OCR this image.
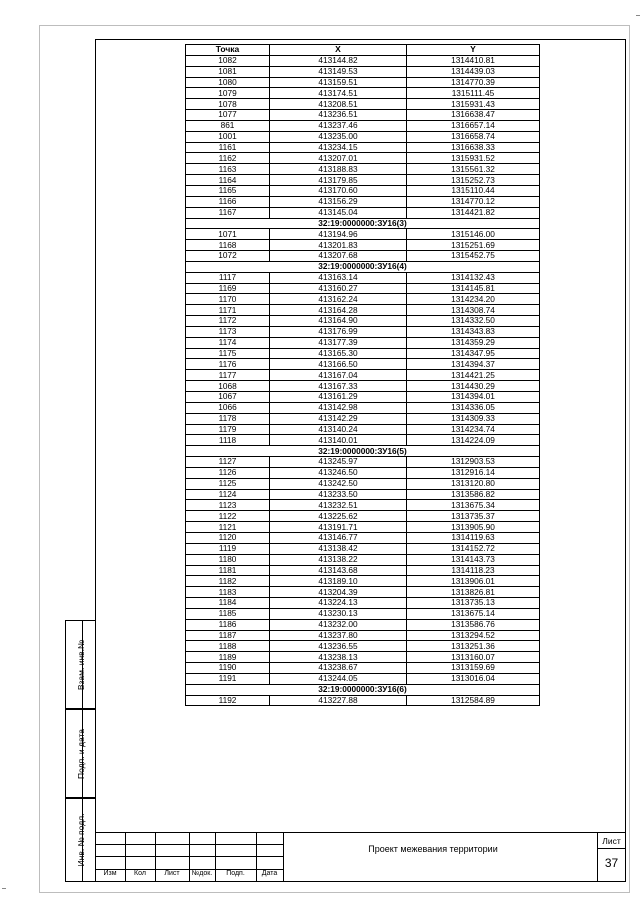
Взам. инв.№
Подп. и дата
Инв. № подл.
Точка	X	Y
1082	413144.82	1314410.81
1081	413149.53	1314439.03
1080	413159.51	1314770.39
1079	413174.51	1315111.45
1078	413208.51	1315931.43
1077	413236.51	1316638.47
861	413237.46	1316657.14
1001	413235.00	1316658.74
1161	413234.15	1316638.33
1162	413207.01	1315931.52
1163	413188.83	1315561.32
1164	413179.85	1315252.73
1165	413170.60	1315110.44
1166	413156.29	1314770.12
1167	413145.04	1314421.82
32:19:0000000:ЗУ16(3)		
1071	413194.96	1315146.00
1168	413201.83	1315251.69
1072	413207.68	1315452.75
32:19:0000000:ЗУ16(4)		
1117	413163.14	1314132.43
1169	413160.27	1314145.81
1170	413162.24	1314234.20
1171	413164.28	1314308.74
1172	413164.90	1314332.50
1173	413176.99	1314343.83
1174	413177.39	1314359.29
1175	413165.30	1314347.95
1176	413166.50	1314394.37
1177	413167.04	1314421.25
1068	413167.33	1314430.29
1067	413161.29	1314394.01
1066	413142.98	1314336.05
1178	413142.29	1314309.33
1179	413140.24	1314234.74
1118	413140.01	1314224.09
32:19:0000000:ЗУ16(5)		
1127	413245.97	1312903.53
1126	413246.50	1312916.14
1125	413242.50	1313120.80
1124	413233.50	1313586.82
1123	413232.51	1313675.34
1122	413225.62	1313735.37
1121	413191.71	1313905.90
1120	413146.77	1314119.63
1119	413138.42	1314152.72
1180	413138.22	1314143.73
1181	413143.68	1314118.23
1182	413189.10	1313906.01
1183	413204.39	1313826.81
1184	413224.13	1313735.13
1185	413230.13	1313675.14
1186	413232.00	1313586.76
1187	413237.80	1313294.52
1188	413236.55	1313251.36
1189	413238.13	1313160.07
1190	413238.67	1313159.69
1191	413244.05	1313016.04
32:19:0000000:ЗУ16(6)		
1192	413227.88	1312584.89
Изм	Кол	Лист	№док.	Подп.	Дата
Проект межевания территории
Лист
37
